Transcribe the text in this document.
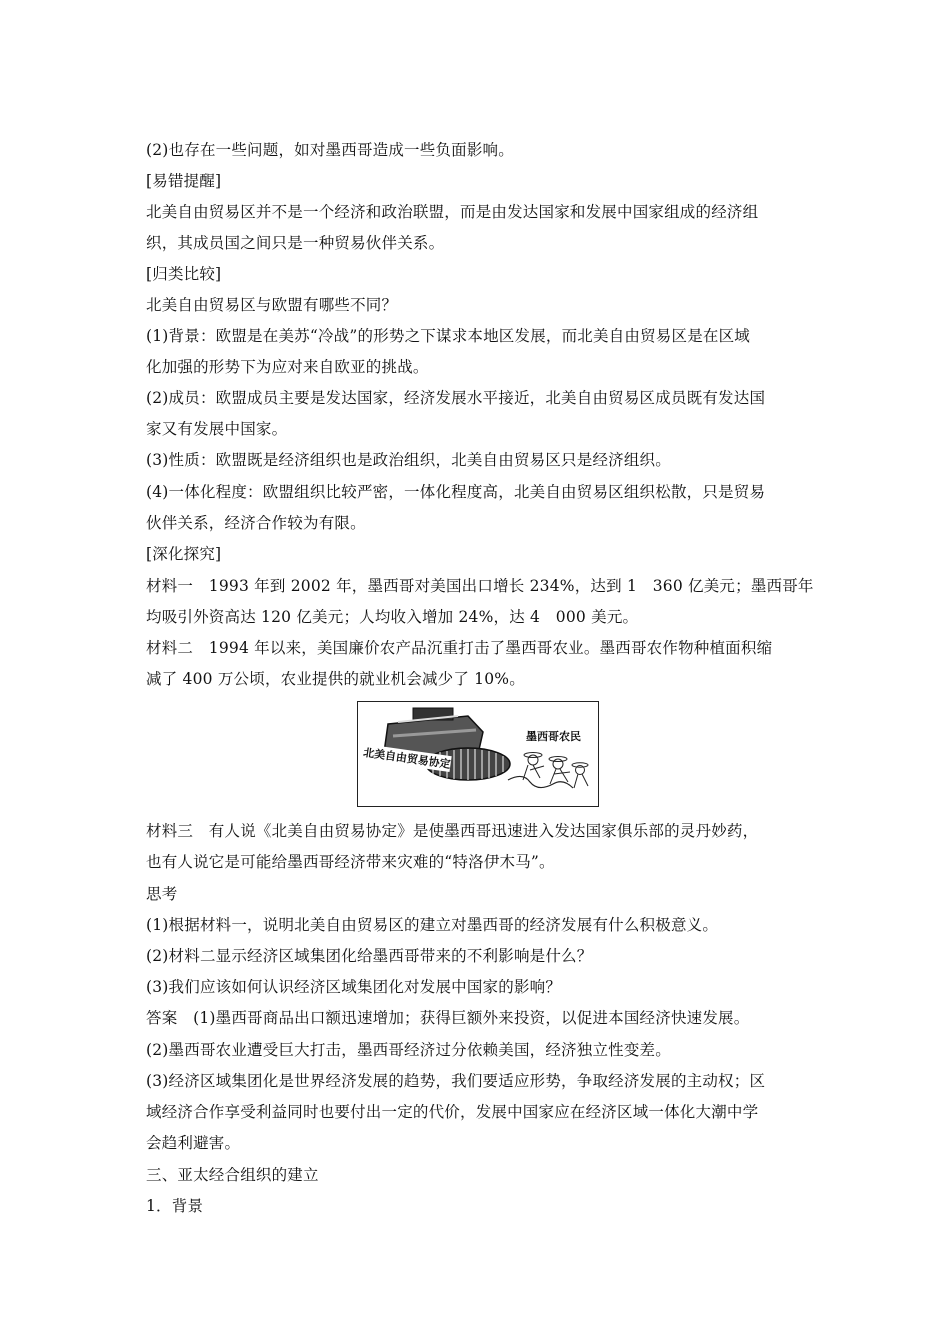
(2)也存在一些问题，如对墨西哥造成一些负面影响。
[易错提醒]
北美自由贸易区并不是一个经济和政治联盟，而是由发达国家和发展中国家组成的经济组
织，其成员国之间只是一种贸易伙伴关系。
[归类比较]
北美自由贸易区与欧盟有哪些不同？
(1)背景：欧盟是在美苏“冷战”的形势之下谋求本地区发展，而北美自由贸易区是在区域
化加强的形势下为应对来自欧亚的挑战。
(2)成员：欧盟成员主要是发达国家，经济发展水平接近，北美自由贸易区成员既有发达国
家又有发展中国家。
(3)性质：欧盟既是经济组织也是政治组织，北美自由贸易区只是经济组织。
(4)一体化程度：欧盟组织比较严密，一体化程度高，北美自由贸易区组织松散，只是贸易
伙伴关系，经济合作较为有限。
[深化探究]
材料一　1993 年到 2002 年，墨西哥对美国出口增长 234%，达到 1　360 亿美元；墨西哥年
均吸引外资高达 120 亿美元；人均收入增加 24%，达 4　000 美元。
材料二　1994 年以来，美国廉价农产品沉重打击了墨西哥农业。墨西哥农作物种植面积缩
减了 400 万公顷，农业提供的就业机会减少了 10%。
北美自由贸易协定
墨西哥农民
材料三　有人说《北美自由贸易协定》是使墨西哥迅速进入发达国家俱乐部的灵丹妙药，
也有人说它是可能给墨西哥经济带来灾难的“特洛伊木马”。
思考
(1)根据材料一，说明北美自由贸易区的建立对墨西哥的经济发展有什么积极意义。
(2)材料二显示经济区域集团化给墨西哥带来的不利影响是什么？
(3)我们应该如何认识经济区域集团化对发展中国家的影响？
答案　(1)墨西哥商品出口额迅速增加；获得巨额外来投资，以促进本国经济快速发展。
(2)墨西哥农业遭受巨大打击，墨西哥经济过分依赖美国，经济独立性变差。
(3)经济区域集团化是世界经济发展的趋势，我们要适应形势，争取经济发展的主动权；区
域经济合作享受利益同时也要付出一定的代价，发展中国家应在经济区域一体化大潮中学
会趋利避害。
三、亚太经合组织的建立
1．背景
